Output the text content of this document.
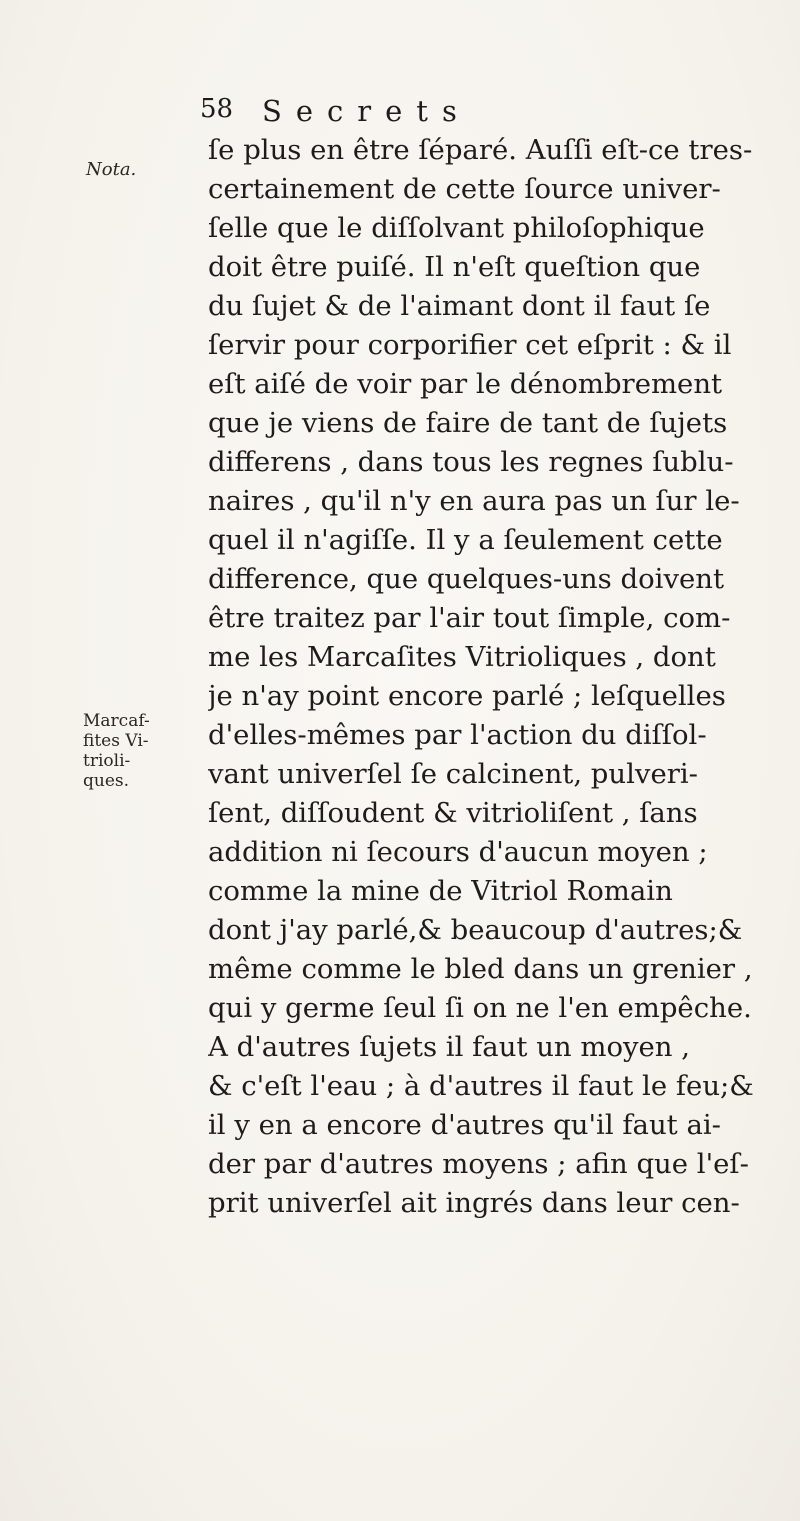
58 Secrets
Nota.
Marcaf-
fites Vi-
trioli-
ques.
ſe plus en être ſéparé. Auſſi eſt-ce tres-
certainement de cette ſource univer-
ſelle que le diſſolvant philoſophique
doit être puiſé. Il n'eſt queſtion que
du ſujet & de l'aimant dont il faut ſe
ſervir pour corporifier cet eſprit : & il
eſt aiſé de voir par le dénombrement
que je viens de faire de tant de ſujets
differens , dans tous les regnes ſublu-
naires , qu'il n'y en aura pas un ſur le-
quel il n'agiſſe. Il y a ſeulement cette
difference, que quelques-uns doivent
être traitez par l'air tout ſimple, com-
me les Marcaſites Vitrioliques , dont
je n'ay point encore parlé ; leſquelles
d'elles-mêmes par l'action du diſſol-
vant univerſel ſe calcinent, pulveri-
ſent, diſſoudent & vitrioliſent , ſans
addition ni ſecours d'aucun moyen ;
comme la mine de Vitriol Romain
dont j'ay parlé,& beaucoup d'autres;&
même comme le bled dans un grenier ,
qui y germe ſeul ſi on ne l'en empêche.
A d'autres ſujets il faut un moyen ,
& c'eſt l'eau ; à d'autres il faut le feu;&
il y en a encore d'autres qu'il faut ai-
der par d'autres moyens ; afin que l'eſ-
prit univerſel ait ingrés dans leur cen-
